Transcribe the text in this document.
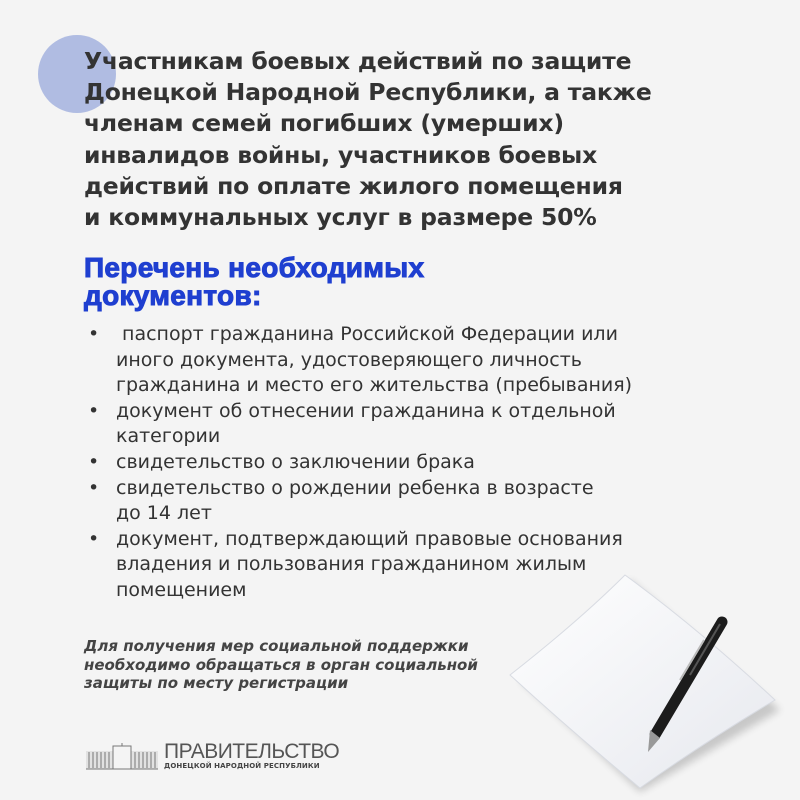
Участникам боевых действий по защите
Донецкой Народной Республики, а также
членам семей погибших (умерших)
инвалидов войны, участников боевых
действий по оплате жилого помещения
и коммунальных услуг в размере 50%
Перечень необходимых
документов:
• паспорт гражданина Российской Федерации или
иного документа, удостоверяющего личность
гражданина и место его жительства (пребывания)
• документ об отнесении гражданина к отдельной
категории
• свидетельство о заключении брака
• свидетельство о рождении ребенка в возрасте
до 14 лет
• документ, подтверждающий правовые основания
владения и пользования гражданином жилым
помещением
Для получения мер социальной поддержки
необходимо обращаться в орган социальной
защиты по месту регистрации
ПРАВИТЕЛЬСТВО
ДОНЕЦКОЙ НАРОДНОЙ РЕСПУБЛИКИ
